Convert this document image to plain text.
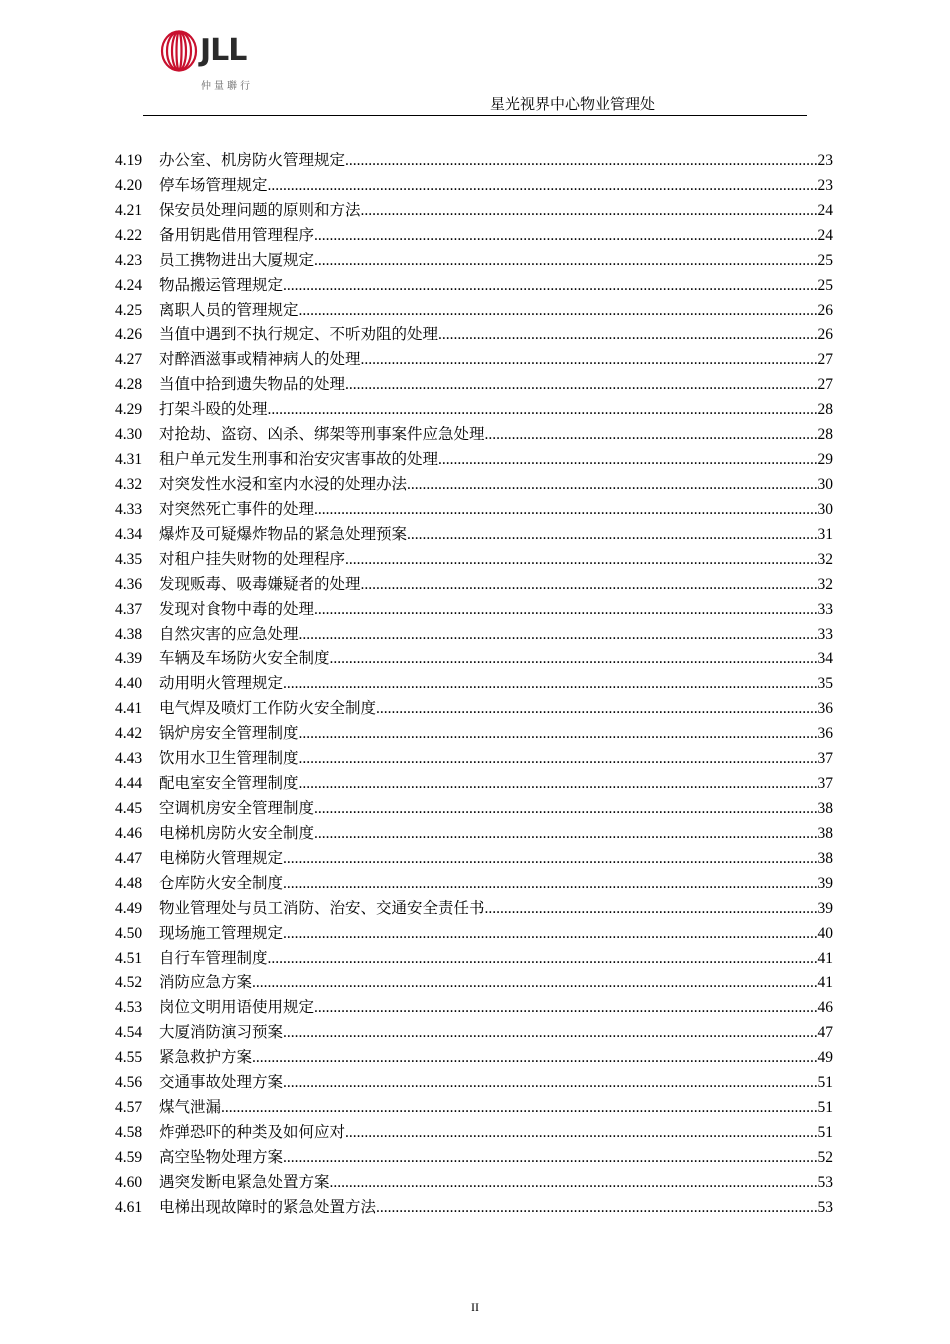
JLL
仲量聯行
星光视界中心物业管理处
4.19	办公室、机房防火管理规定 .....	23
4.20	停车场管理规定 .....	23
4.21	保安员处理问题的原则和方法 .....	24
4.22	备用钥匙借用管理程序 .....	24
4.23	员工携物进出大厦规定 .....	25
4.24	物品搬运管理规定 .....	25
4.25	离职人员的管理规定 .....	26
4.26	当值中遇到不执行规定、不听劝阻的处理 .....	26
4.27	对醉酒滋事或精神病人的处理 .....	27
4.28	当值中拾到遗失物品的处理 .....	27
4.29	打架斗殴的处理 .....	28
4.30	对抢劫、盗窃、凶杀、绑架等刑事案件应急处理 .....	28
4.31	租户单元发生刑事和治安灾害事故的处理 .....	29
4.32	对突发性水浸和室内水浸的处理办法 .....	30
4.33	对突然死亡事件的处理 .....	30
4.34	爆炸及可疑爆炸物品的紧急处理预案 .....	31
4.35	对租户挂失财物的处理程序 .....	32
4.36	发现贩毒、吸毒嫌疑者的处理 .....	32
4.37	发现对食物中毒的处理 .....	33
4.38	自然灾害的应急处理 .....	33
4.39	车辆及车场防火安全制度 .....	34
4.40	动用明火管理规定 .....	35
4.41	电气焊及喷灯工作防火安全制度 .....	36
4.42	锅炉房安全管理制度 .....	36
4.43	饮用水卫生管理制度 .....	37
4.44	配电室安全管理制度 .....	37
4.45	空调机房安全管理制度 .....	38
4.46	电梯机房防火安全制度 .....	38
4.47	电梯防火管理规定 .....	38
4.48	仓库防火安全制度 .....	39
4.49	物业管理处与员工消防、治安、交通安全责任书 .....	39
4.50	现场施工管理规定 .....	40
4.51	自行车管理制度 .....	41
4.52	消防应急方案 .....	41
4.53	岗位文明用语使用规定 .....	46
4.54	大厦消防演习预案 .....	47
4.55	紧急救护方案 .....	49
4.56	交通事故处理方案 .....	51
4.57	煤气泄漏 .....	51
4.58	炸弹恐吓的种类及如何应对 .....	51
4.59	高空坠物处理方案 .....	52
4.60	遇突发断电紧急处置方案 .....	53
4.61	电梯出现故障时的紧急处置方法 .....	53
II
